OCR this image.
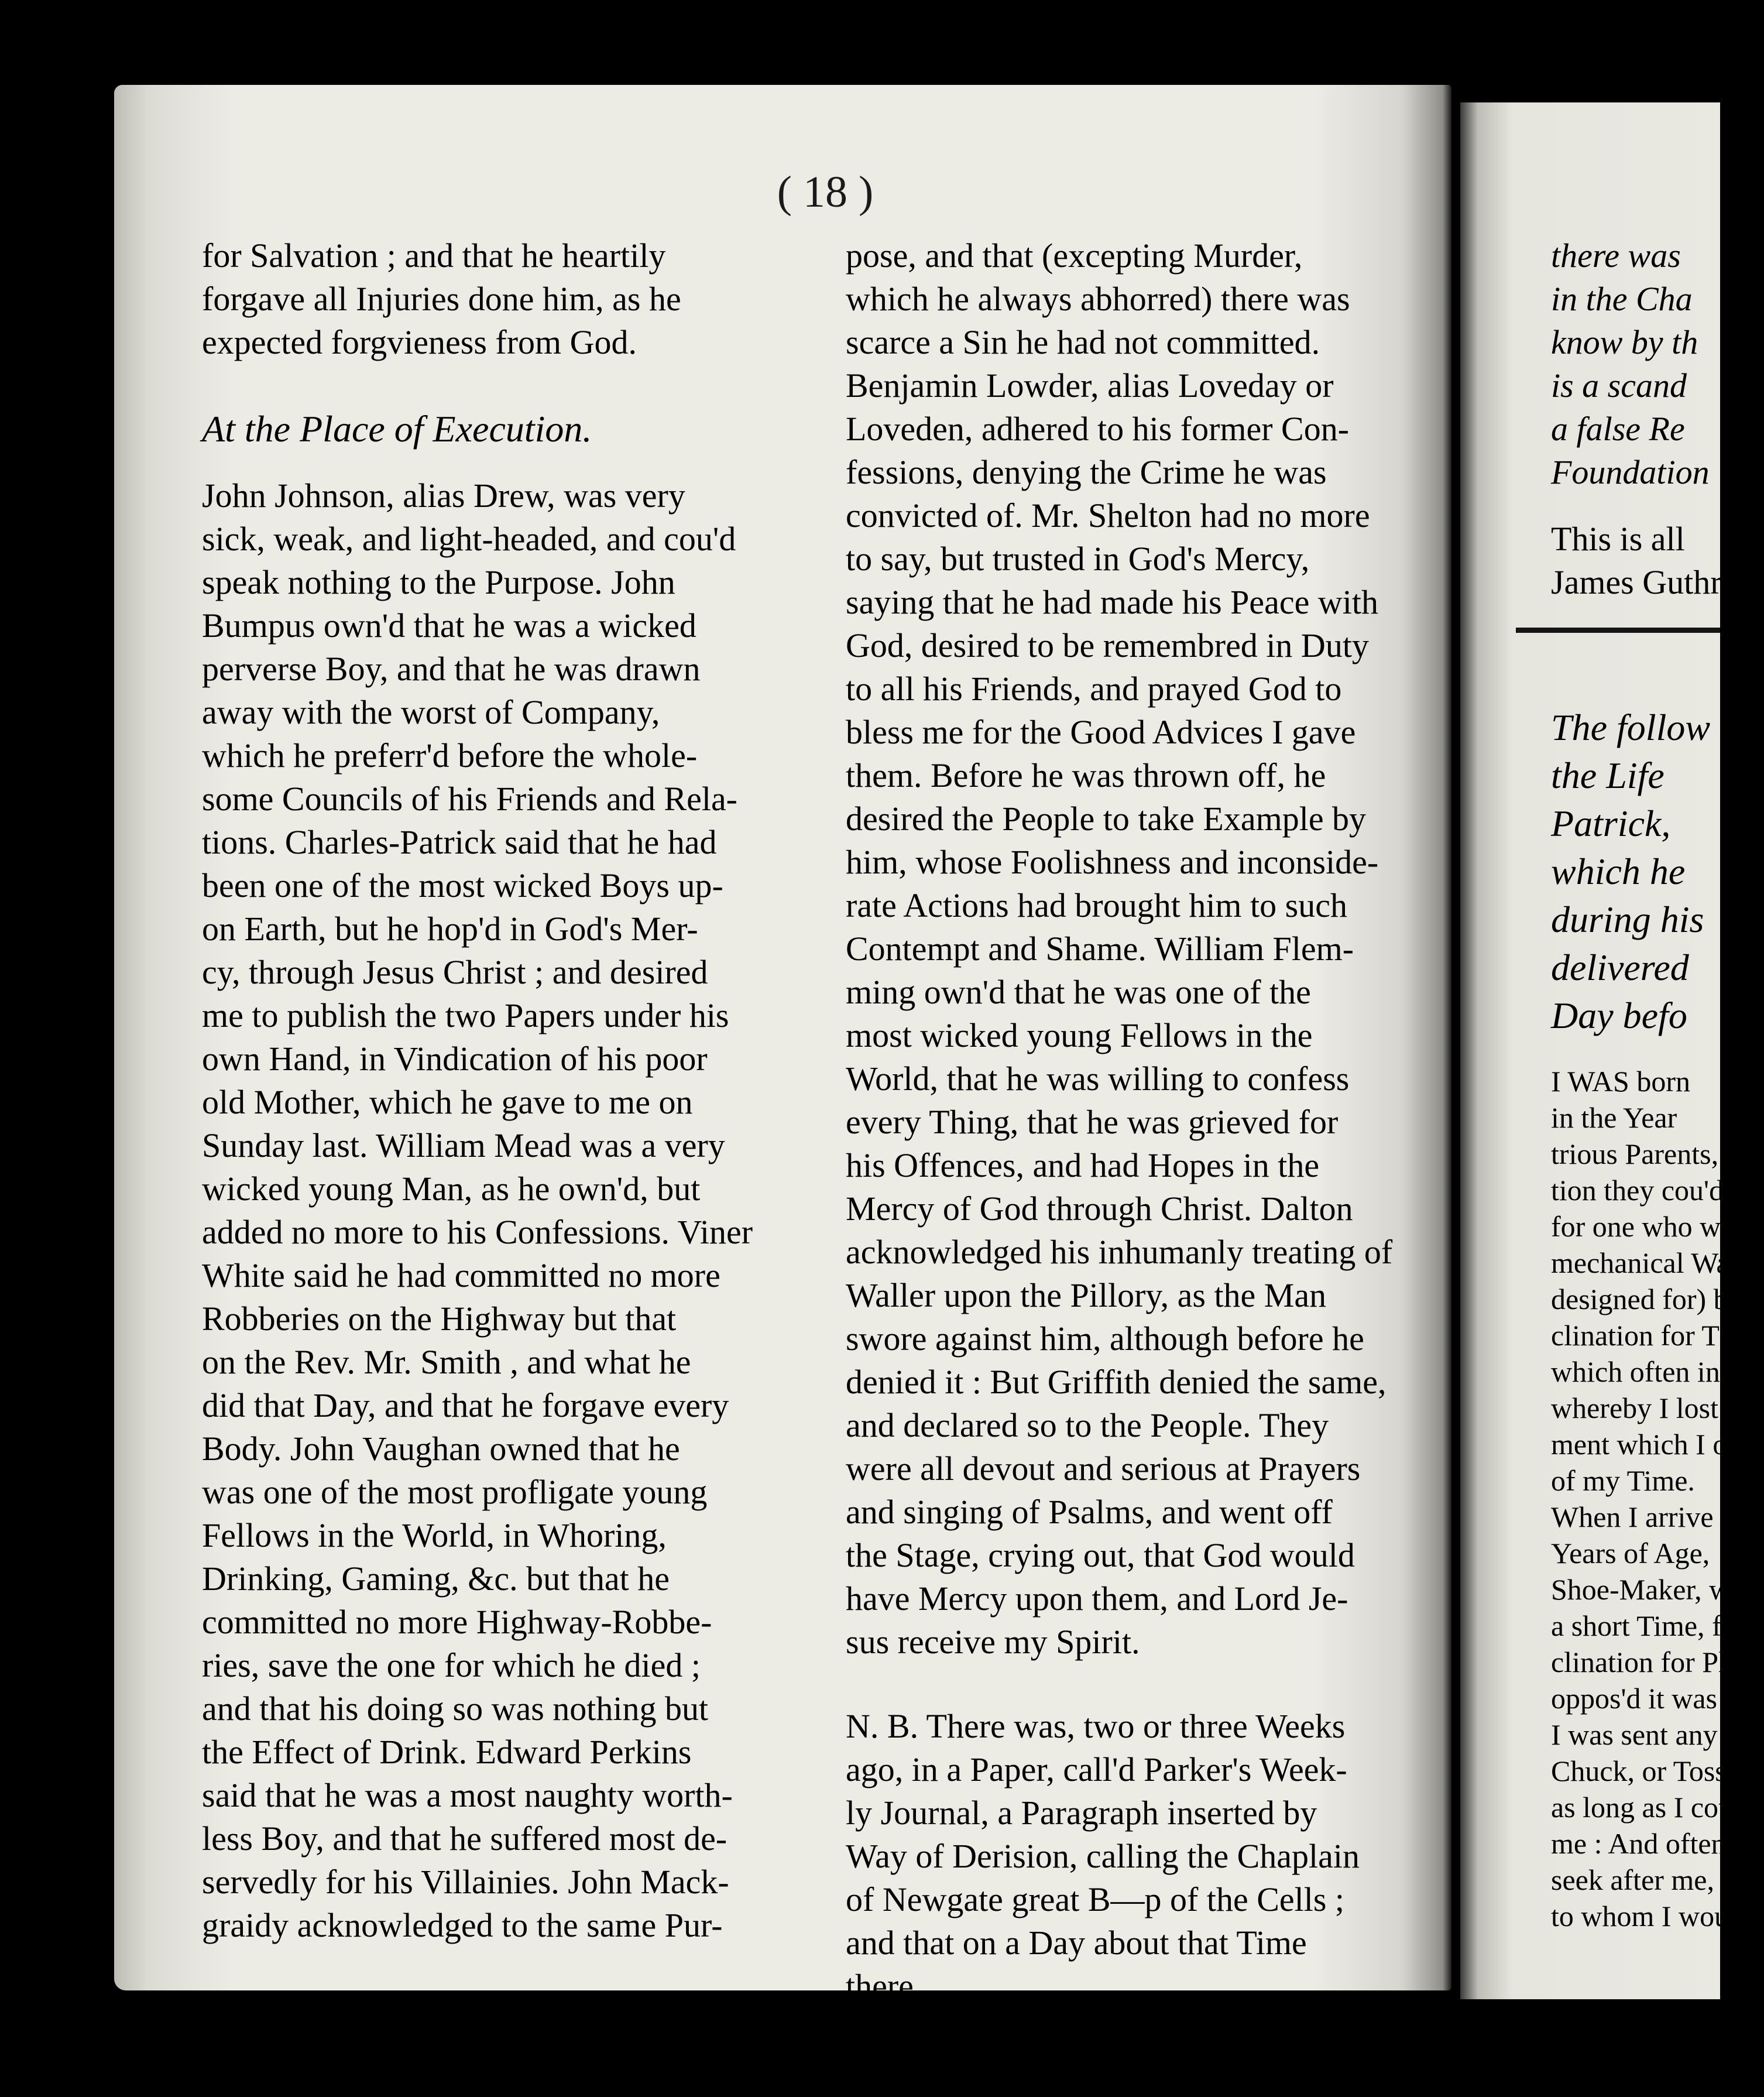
( 18 )
for Salvation ; and that he heartily
forgave all Injuries done him, as he
expected forgvieness from God.
At the Place of Execution.
John Johnson, alias Drew, was very
sick, weak, and light-headed, and cou'd
speak nothing to the Purpose. John
Bumpus own'd that he was a wicked
perverse Boy, and that he was drawn
away with the worst of Company,
which he preferr'd before the whole-
some Councils of his Friends and Rela-
tions. Charles-Patrick said that he had
been one of the most wicked Boys up-
on Earth, but he hop'd in God's Mer-
cy, through Jesus Christ ; and desired
me to publish the two Papers under his
own Hand, in Vindication of his poor
old Mother, which he gave to me on
Sunday last. William Mead was a very
wicked young Man, as he own'd, but
added no more to his Confessions. Viner
White said he had committed no more
Robberies on the Highway but that
on the Rev. Mr. Smith , and what he
did that Day, and that he forgave every
Body. John Vaughan owned that he
was one of the most profligate young
Fellows in the World, in Whoring,
Drinking, Gaming, &c. but that he
committed no more Highway-Robbe-
ries, save the one for which he died ;
and that his doing so was nothing but
the Effect of Drink. Edward Perkins
said that he was a most naughty worth-
less Boy, and that he suffered most de-
servedly for his Villainies. John Mack-
graidy acknowledged to the same Pur-
pose, and that (excepting Murder,
which he always abhorred) there was
scarce a Sin he had not committed.
Benjamin Lowder, alias Loveday or
Loveden, adhered to his former Con-
fessions, denying the Crime he was
convicted of. Mr. Shelton had no more
to say, but trusted in God's Mercy,
saying that he had made his Peace with
God, desired to be remembred in Duty
to all his Friends, and prayed God to
bless me for the Good Advices I gave
them. Before he was thrown off, he
desired the People to take Example by
him, whose Foolishness and inconside-
rate Actions had brought him to such
Contempt and Shame. William Flem-
ming own'd that he was one of the
most wicked young Fellows in the
World, that he was willing to confess
every Thing, that he was grieved for
his Offences, and had Hopes in the
Mercy of God through Christ. Dalton
acknowledged his inhumanly treating of
Waller upon the Pillory, as the Man
swore against him, although before he
denied it : But Griffith denied the same,
and declared so to the People. They
were all devout and serious at Prayers
and singing of Psalms, and went off
the Stage, crying out, that God would
have Mercy upon them, and Lord Je-
sus receive my Spirit.
N. B. There was, two or three Weeks
ago, in a Paper, call'd Parker's Week-
ly Journal, a Paragraph inserted by
Way of Derision, calling the Chaplain
of Newgate great B—p of the Cells ;
and that on a Day about that Time
there
there was
in the Cha
know by th
is a scand
a false Re
Foundation
This is all
James Guthri
The follow
the Life
Patrick,
which he
during his
delivered
Day befo
I WAS born
in the Year
trious Parents,
tion they cou'd
for one who w
mechanical Wa
designed for) bu
clination for T
which often in
whereby I lost a
ment which I ou
of my Time.
When I arrive
Years of Age,
Shoe-Maker, w
a short Time, f
clination for Pla
oppos'd it was in
I was sent any w
Chuck, or Tossing
as long as I could
me : And often
seek after me, he
to whom I would
